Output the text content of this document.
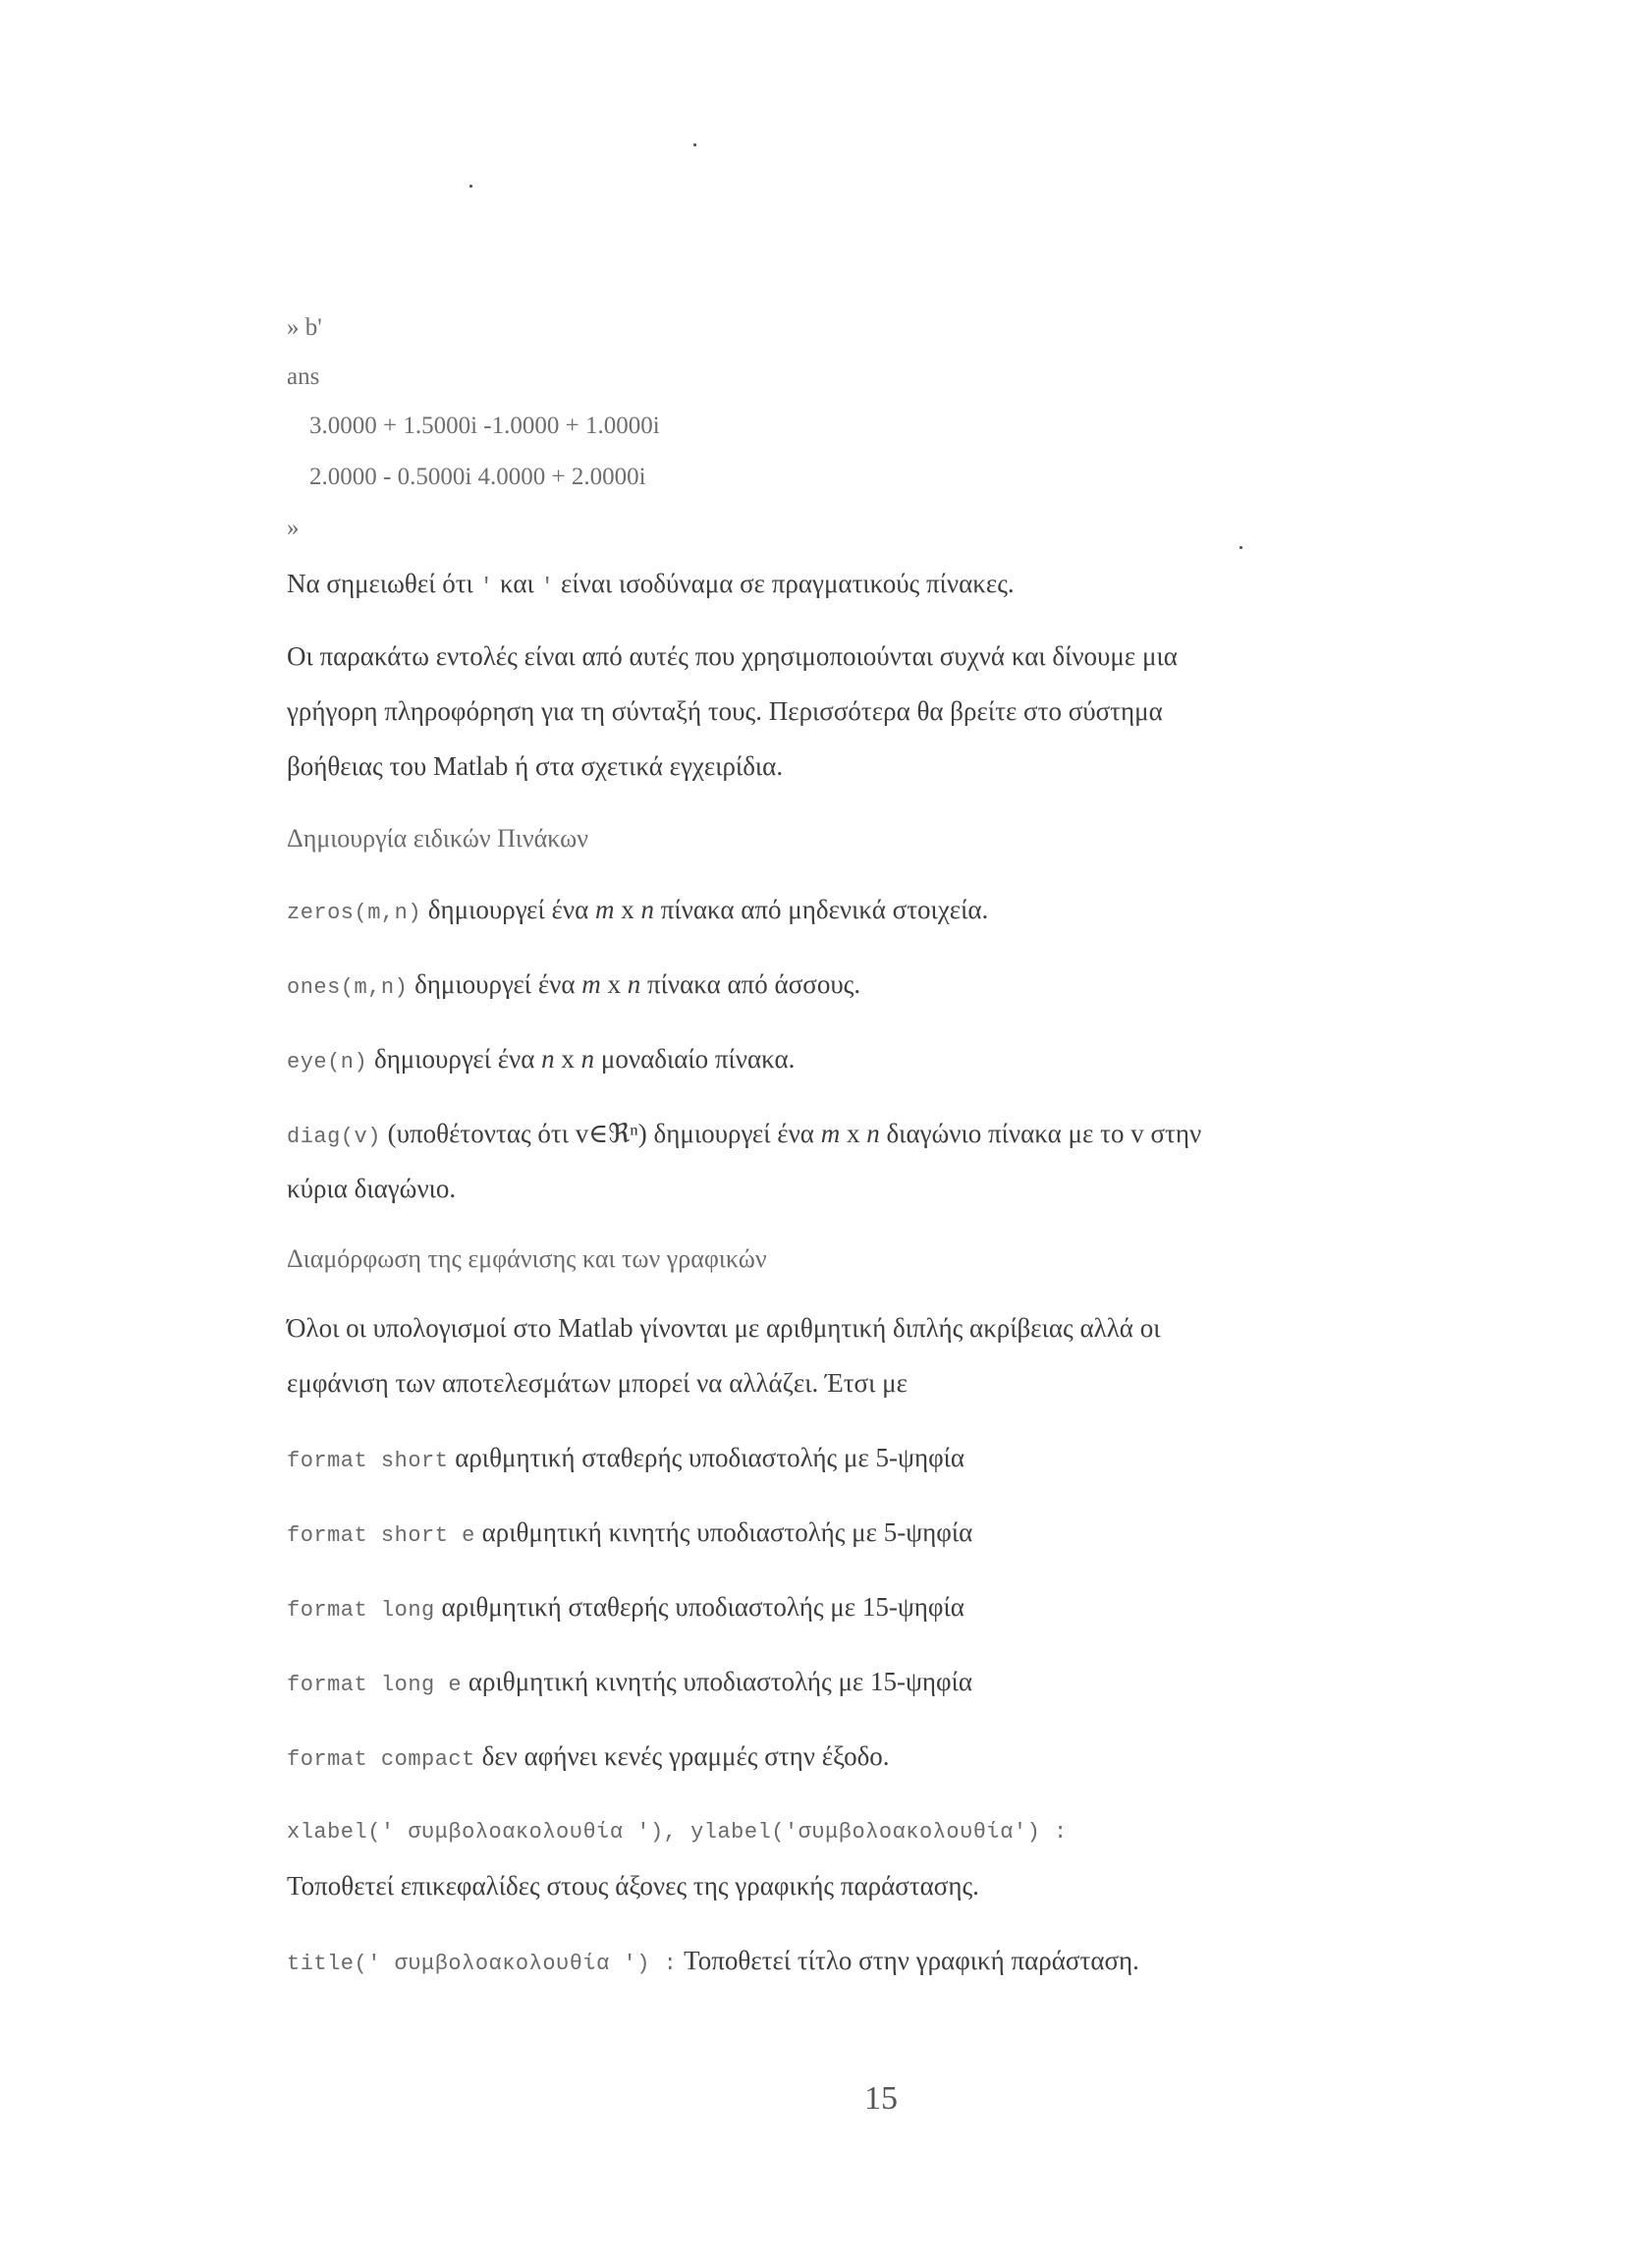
» b'
ans
3.0000 + 1.5000i -1.0000 + 1.0000i
2.0000 - 0.5000i 4.0000 + 2.0000i
»
Να σημειωθεί ότι ' και ' είναι ισοδύναμα σε πραγματικούς πίνακες.
Οι παρακάτω εντολές είναι από αυτές που χρησιμοποιούνται συχνά και δίνουμε μια
γρήγορη πληροφόρηση για τη σύνταξή τους. Περισσότερα θα βρείτε στο σύστημα
βοήθειας του Matlab ή στα σχετικά εγχειρίδια.
Δημιουργία ειδικών Πινάκων
zeros(m,n) δημιουργεί ένα m x n πίνακα από μηδενικά στοιχεία.
ones(m,n) δημιουργεί ένα m x n πίνακα από άσσους.
eye(n) δημιουργεί ένα n x n μοναδιαίο πίνακα.
diag(v) (υποθέτοντας ότι v∈ℜⁿ) δημιουργεί ένα m x n διαγώνιο πίνακα με το v στην
κύρια διαγώνιο.
Διαμόρφωση της εμφάνισης και των γραφικών
Όλοι οι υπολογισμοί στο Matlab γίνονται με αριθμητική διπλής ακρίβειας αλλά οι
εμφάνιση των αποτελεσμάτων μπορεί να αλλάζει. Έτσι με
format short αριθμητική σταθερής υποδιαστολής με 5-ψηφία
format short e αριθμητική κινητής υποδιαστολής με 5-ψηφία
format long αριθμητική σταθερής υποδιαστολής με 15-ψηφία
format long e αριθμητική κινητής υποδιαστολής με 15-ψηφία
format compact δεν αφήνει κενές γραμμές στην έξοδο.
xlabel(' συμβολοακολουθία '), ylabel('συμβολοακολουθία') :
Τοποθετεί επικεφαλίδες στους άξονες της γραφικής παράστασης.
title(' συμβολοακολουθία ') : Τοποθετεί τίτλο στην γραφική παράσταση.
15
